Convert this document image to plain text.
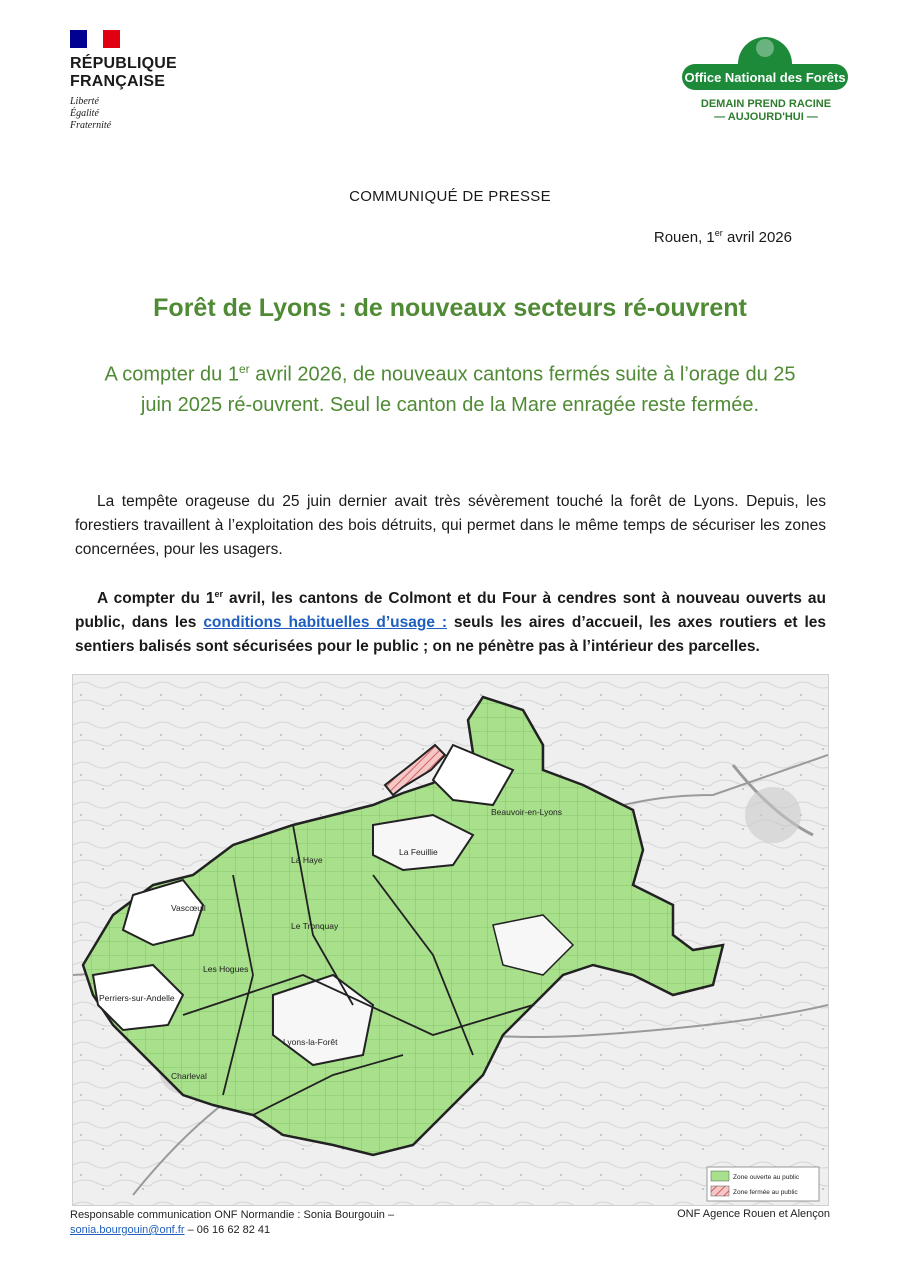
RÉPUBLIQUE
FRANÇAISE
Liberté
Égalité
Fraternité
Office National des Forêts
DEMAIN PREND RACINE
— AUJOURD'HUI —
COMMUNIQUÉ DE PRESSE
Rouen, 1er avril 2026
Forêt de Lyons : de nouveaux secteurs ré-ouvrent
A compter du 1er avril 2026, de nouveaux cantons fermés suite à l’orage du 25 juin 2025 ré-ouvrent. Seul le canton de la Mare enragée reste fermée.
La tempête orageuse du 25 juin dernier avait très sévèrement touché la forêt de Lyons. Depuis, les forestiers travaillent à l’exploitation des bois détruits, qui permet dans le même temps de sécuriser les zones concernées, pour les usagers.
A compter du 1er avril, les cantons de Colmont et du Four à cendres sont à nouveau ouverts au public, dans les conditions habituelles d’usage : seuls les aires d’accueil, les axes routiers et les sentiers balisés sont sécurisées pour le public ; on ne pénètre pas à l’intérieur des parcelles.
Beauvoir-en-Lyons
La Feuillie
La Haye
Vascœuil
Le Tronquay
Les Hogues
Perriers-sur-Andelle
Lyons-la-Forêt
Charleval
Zone ouverte au public
Zone fermée au public
Responsable communication ONF Normandie : Sonia Bourgouin –
sonia.bourgouin@onf.fr – 06 16 62 82 41
ONF Agence Rouen et Alençon
